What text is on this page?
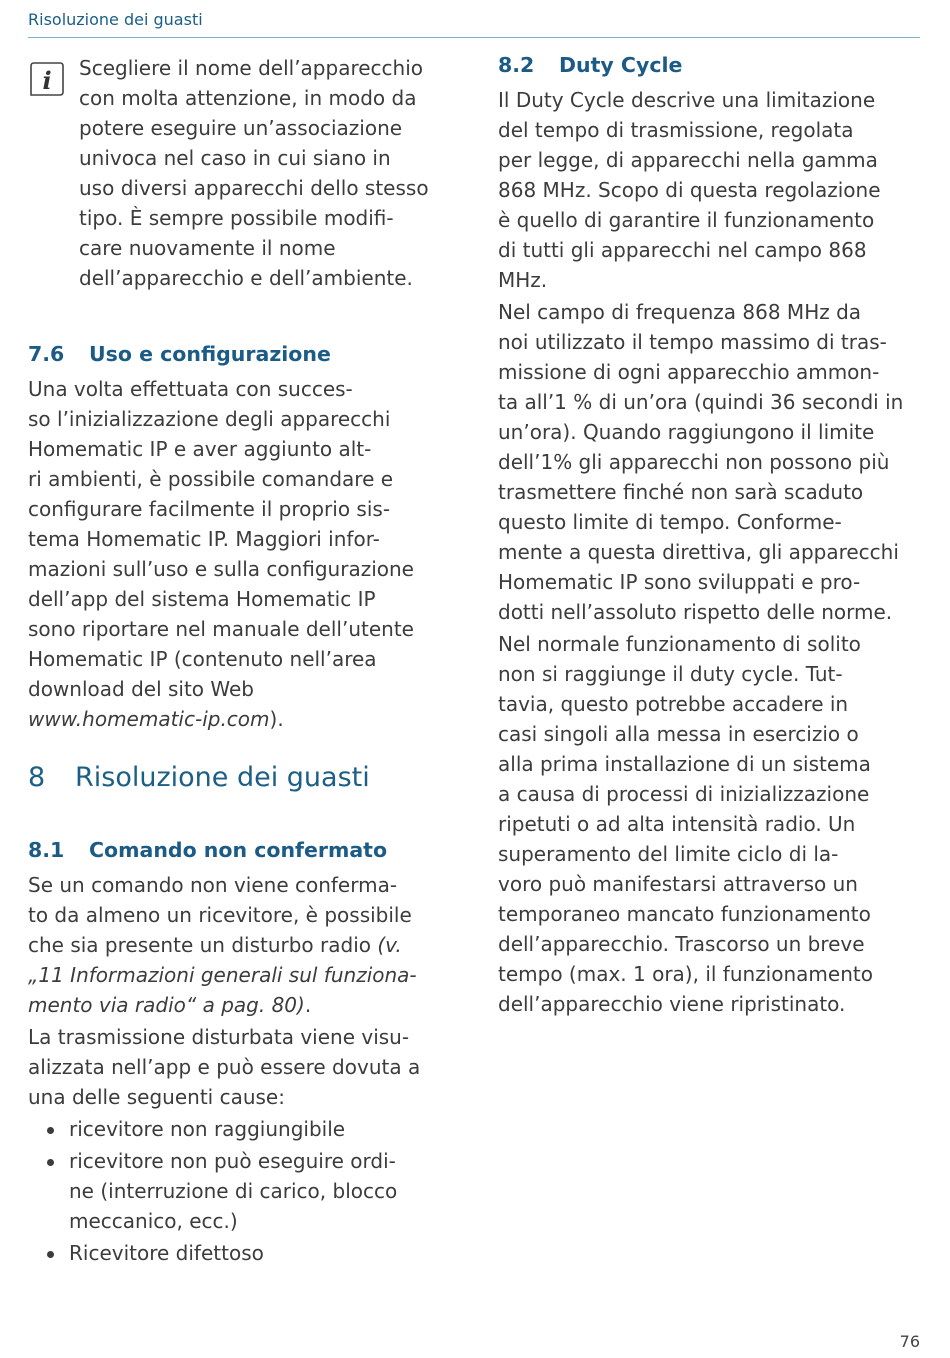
Risoluzione dei guasti
i Scegliere il nome dell’apparecchio
con molta attenzione, in modo da
potere eseguire un’associazione
univoca nel caso in cui siano in
uso diversi apparecchi dello stesso
tipo. È sempre possibile modifi-
care nuovamente il nome
dell’apparecchio e dell’ambiente.

7.6	Uso e configurazione

Una volta effettuata con succes-
so l’inizializzazione degli apparecchi
Homematic IP e aver aggiunto alt-
ri ambienti, è possibile comandare e
configurare facilmente il proprio sis-
tema Homematic IP. Maggiori infor-
mazioni sull’uso e sulla configurazione
dell’app del sistema Homematic IP
sono riportare nel manuale dell’utente
Homematic IP (contenuto nell’area
download del sito Web
www.homematic-ip.com).

8	Risoluzione dei guasti
8.1	Comando non confermato

Se un comando non viene conferma-
to da almeno un ricevitore, è possibile
che sia presente un disturbo radio (v.
„11 Informazioni generali sul funziona-
mento via radio“ a pag. 80).

La trasmissione disturbata viene visu-
alizzata nell’app e può essere dovuta a
una delle seguenti cause:

ricevitore non raggiungibile
ricevitore non può eseguire ordi-
ne (interruzione di carico, blocco
meccanico, ecc.)
Ricevitore difettoso
8.2	Duty Cycle

Il Duty Cycle descrive una limitazione
del tempo di trasmissione, regolata
per legge, di apparecchi nella gamma
868 MHz. Scopo di questa regolazione
è quello di garantire il funzionamento
di tutti gli apparecchi nel campo 868
MHz.

Nel campo di frequenza 868 MHz da
noi utilizzato il tempo massimo di tras-
missione di ogni apparecchio ammon-
ta all’1 % di un’ora (quindi 36 secondi in
un’ora). Quando raggiungono il limite
dell’1% gli apparecchi non possono più
trasmettere finché non sarà scaduto
questo limite di tempo. Conforme-
mente a questa direttiva, gli apparecchi
Homematic IP sono sviluppati e pro-
dotti nell’assoluto rispetto delle norme.

Nel normale funzionamento di solito
non si raggiunge il duty cycle. Tut-
tavia, questo potrebbe accadere in
casi singoli alla messa in esercizio o
alla prima installazione di un sistema
a causa di processi di inizializzazione
ripetuti o ad alta intensità radio. Un
superamento del limite ciclo di la-
voro può manifestarsi attraverso un
temporaneo mancato funzionamento
dell’apparecchio. Trascorso un breve
tempo (max. 1 ora), il funzionamento
dell’apparecchio viene ripristinato.

76
